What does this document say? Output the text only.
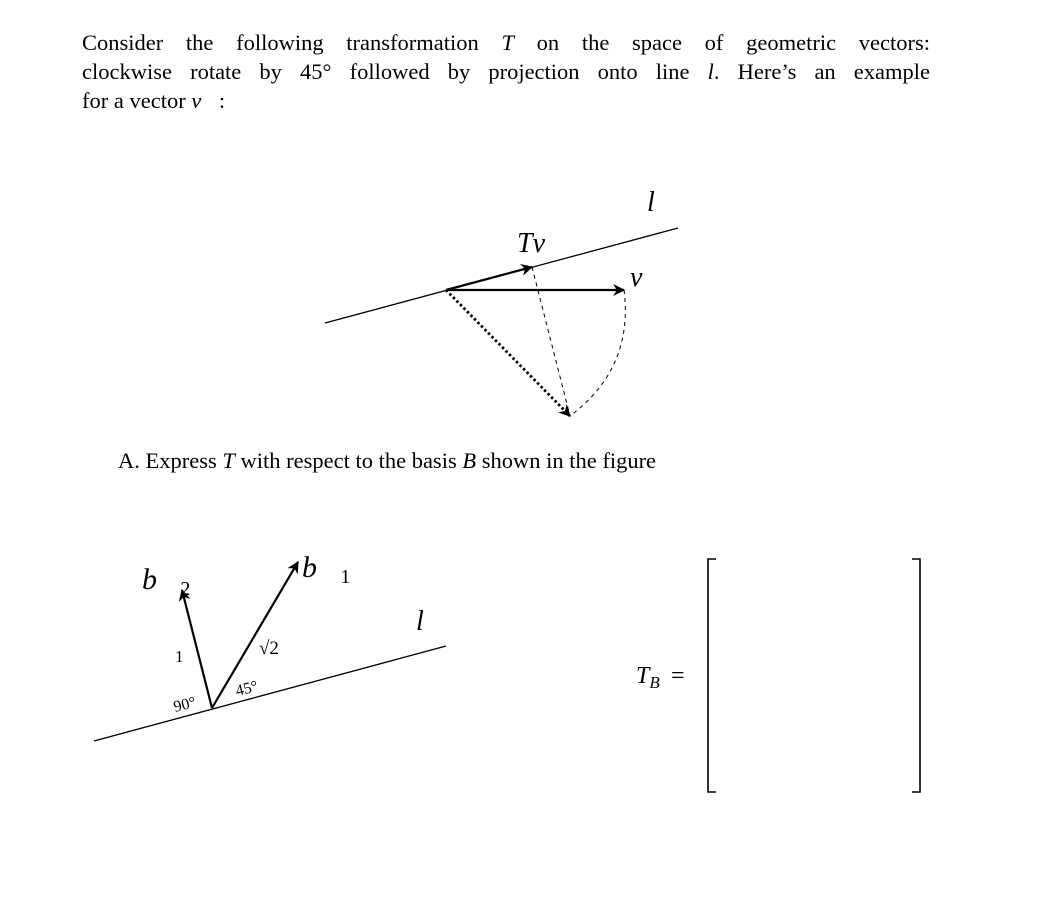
Consider the following transformation T on the space of geometric vectors:
clockwise rotate by 45° followed by projection onto line l. Here’s an example
for a vector v⃗:

A. Express T with respect to the basis B shown in the figure

l
Tv⃗
v⃗
$b⃗_2$
$b⃗_1$
l
1	√2
90°
45°	$T_B$ =
